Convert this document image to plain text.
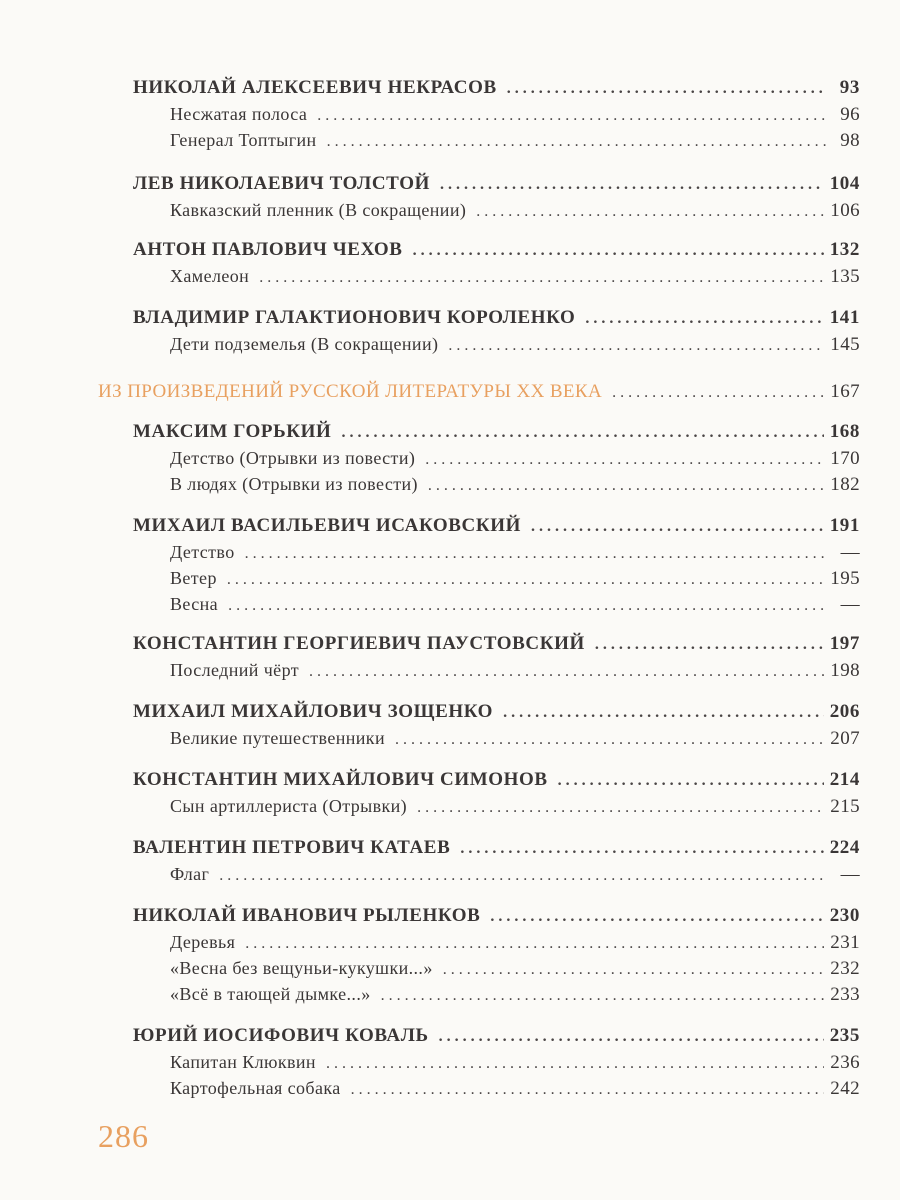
НИКОЛАЙ АЛЕКСЕЕВИЧ НЕКРАСОВ . . .	93
Несжатая полоса . . .	96
Генерал Топтыгин . . .	98
ЛЕВ НИКОЛАЕВИЧ ТОЛСТОЙ . . .	104
Кавказский пленник (В сокращении) . . .	106
АНТОН ПАВЛОВИЧ ЧЕХОВ . . .	132
Хамелеон . . .	135
ВЛАДИМИР ГАЛАКТИОНОВИЧ КОРОЛЕНКО . . .	141
Дети подземелья (В сокращении) . . .	145
ИЗ ПРОИЗВЕДЕНИЙ РУССКОЙ ЛИТЕРАТУРЫ XX ВЕКА . . .	167
МАКСИМ ГОРЬКИЙ . . .	168
Детство (Отрывки из повести) . . .	170
В людях (Отрывки из повести) . . .	182
МИХАИЛ ВАСИЛЬЕВИЧ ИСАКОВСКИЙ . . .	191
Детство . . .	—
Ветер . . .	195
Весна . . .	—
КОНСТАНТИН ГЕОРГИЕВИЧ ПАУСТОВСКИЙ . . .	197
Последний чёрт . . .	198
МИХАИЛ МИХАЙЛОВИЧ ЗОЩЕНКО . . .	206
Великие путешественники . . .	207
КОНСТАНТИН МИХАЙЛОВИЧ СИМОНОВ . . .	214
Сын артиллериста (Отрывки) . . .	215
ВАЛЕНТИН ПЕТРОВИЧ КАТАЕВ . . .	224
Флаг . . .	—
НИКОЛАЙ ИВАНОВИЧ РЫЛЕНКОВ . . .	230
Деревья . . .	231
«Весна без вещуньи-кукушки...» . . .	232
«Всё в тающей дымке...» . . .	233
ЮРИЙ ИОСИФОВИЧ КОВАЛЬ . . .	235
Капитан Клюквин . . .	236
Картофельная собака . . .	242
286
